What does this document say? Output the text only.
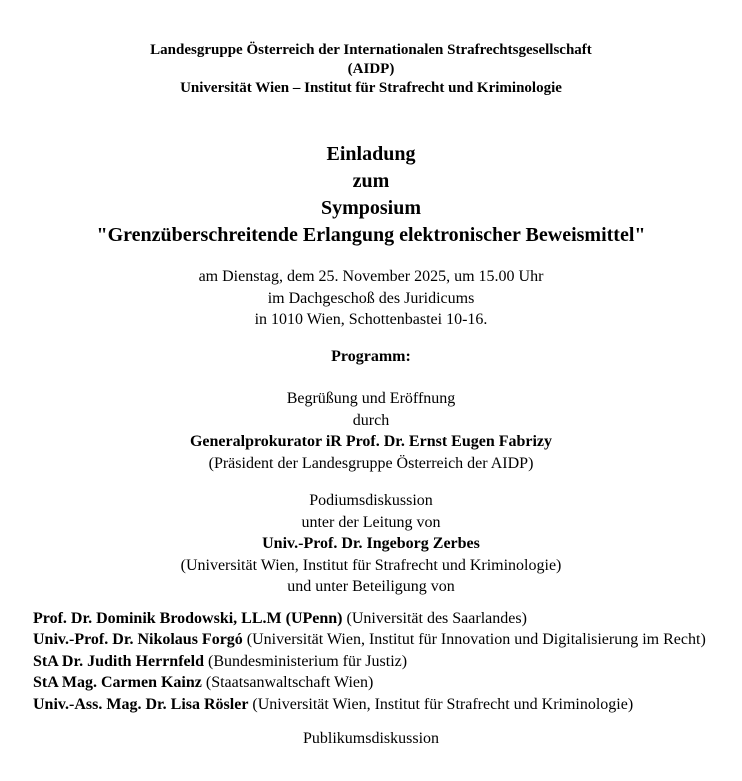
Landesgruppe Österreich der Internationalen Strafrechtsgesellschaft
(AIDP)
Universität Wien – Institut für Strafrecht und Kriminologie
Einladung
zum
Symposium
"Grenzüberschreitende Erlangung elektronischer Beweismittel"
am Dienstag, dem 25. November 2025, um 15.00 Uhr
im Dachgeschoß des Juridicums
in 1010 Wien, Schottenbastei 10-16.
Programm:
Begrüßung und Eröffnung
durch
Generalprokurator iR Prof. Dr. Ernst Eugen Fabrizy
(Präsident der Landesgruppe Österreich der AIDP)
Podiumsdiskussion
unter der Leitung von
Univ.-Prof. Dr. Ingeborg Zerbes
(Universität Wien, Institut für Strafrecht und Kriminologie)
und unter Beteiligung von
Prof. Dr. Dominik Brodowski, LL.M (UPenn) (Universität des Saarlandes)
Univ.-Prof. Dr. Nikolaus Forgó (Universität Wien, Institut für Innovation und Digitalisierung im Recht)
StA Dr. Judith Herrnfeld (Bundesministerium für Justiz)
StA Mag. Carmen Kainz (Staatsanwaltschaft Wien)
Univ.-Ass. Mag. Dr. Lisa Rösler (Universität Wien, Institut für Strafrecht und Kriminologie)
Publikumsdiskussion
